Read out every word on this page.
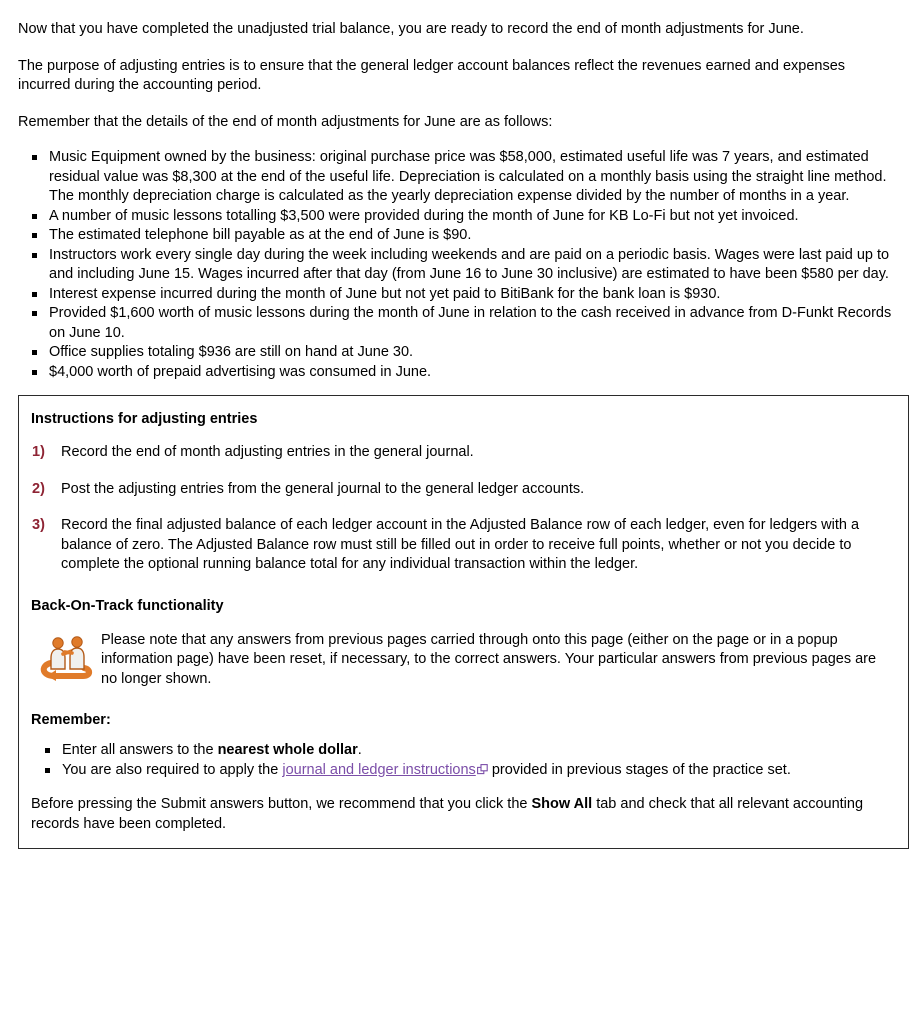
Now that you have completed the unadjusted trial balance, you are ready to record the end of month adjustments for June.

The purpose of adjusting entries is to ensure that the general ledger account balances reflect the revenues earned and expenses incurred during the accounting period.

Remember that the details of the end of month adjustments for June are as follows:

Music Equipment owned by the business: original purchase price was $58,000, estimated useful life was 7 years, and estimated residual value was $8,300 at the end of the useful life. Depreciation is calculated on a monthly basis using the straight line method. The monthly depreciation charge is calculated as the yearly depreciation expense divided by the number of months in a year.
A number of music lessons totalling $3,500 were provided during the month of June for KB Lo-Fi but not yet invoiced.
The estimated telephone bill payable as at the end of June is $90.
Instructors work every single day during the week including weekends and are paid on a periodic basis. Wages were last paid up to and including June 15. Wages incurred after that day (from June 16 to June 30 inclusive) are estimated to have been $580 per day.
Interest expense incurred during the month of June but not yet paid to BitiBank for the bank loan is $930.
Provided $1,600 worth of music lessons during the month of June in relation to the cash received in advance from D-Funkt Records on June 10.
Office supplies totaling $936 are still on hand at June 30.
$4,000 worth of prepaid advertising was consumed in June.
Instructions for adjusting entries
1) Record the end of month adjusting entries in the general journal.
2) Post the adjusting entries from the general journal to the general ledger accounts.
3) Record the final adjusted balance of each ledger account in the Adjusted Balance row of each ledger, even for ledgers with a balance of zero. The Adjusted Balance row must still be filled out in order to receive full points, whether or not you decide to complete the optional running balance total for any individual transaction within the ledger.
Back-On-Track functionality
Please note that any answers from previous pages carried through onto this page (either on the page or in a popup information page) have been reset, if necessary, to the correct answers. Your particular answers from previous pages are no longer shown.
Remember:
Enter all answers to the nearest whole dollar.
You are also required to apply the journal and ledger instructions provided in previous stages of the practice set.

Before pressing the Submit answers button, we recommend that you click the Show All tab and check that all relevant accounting records have been completed.
